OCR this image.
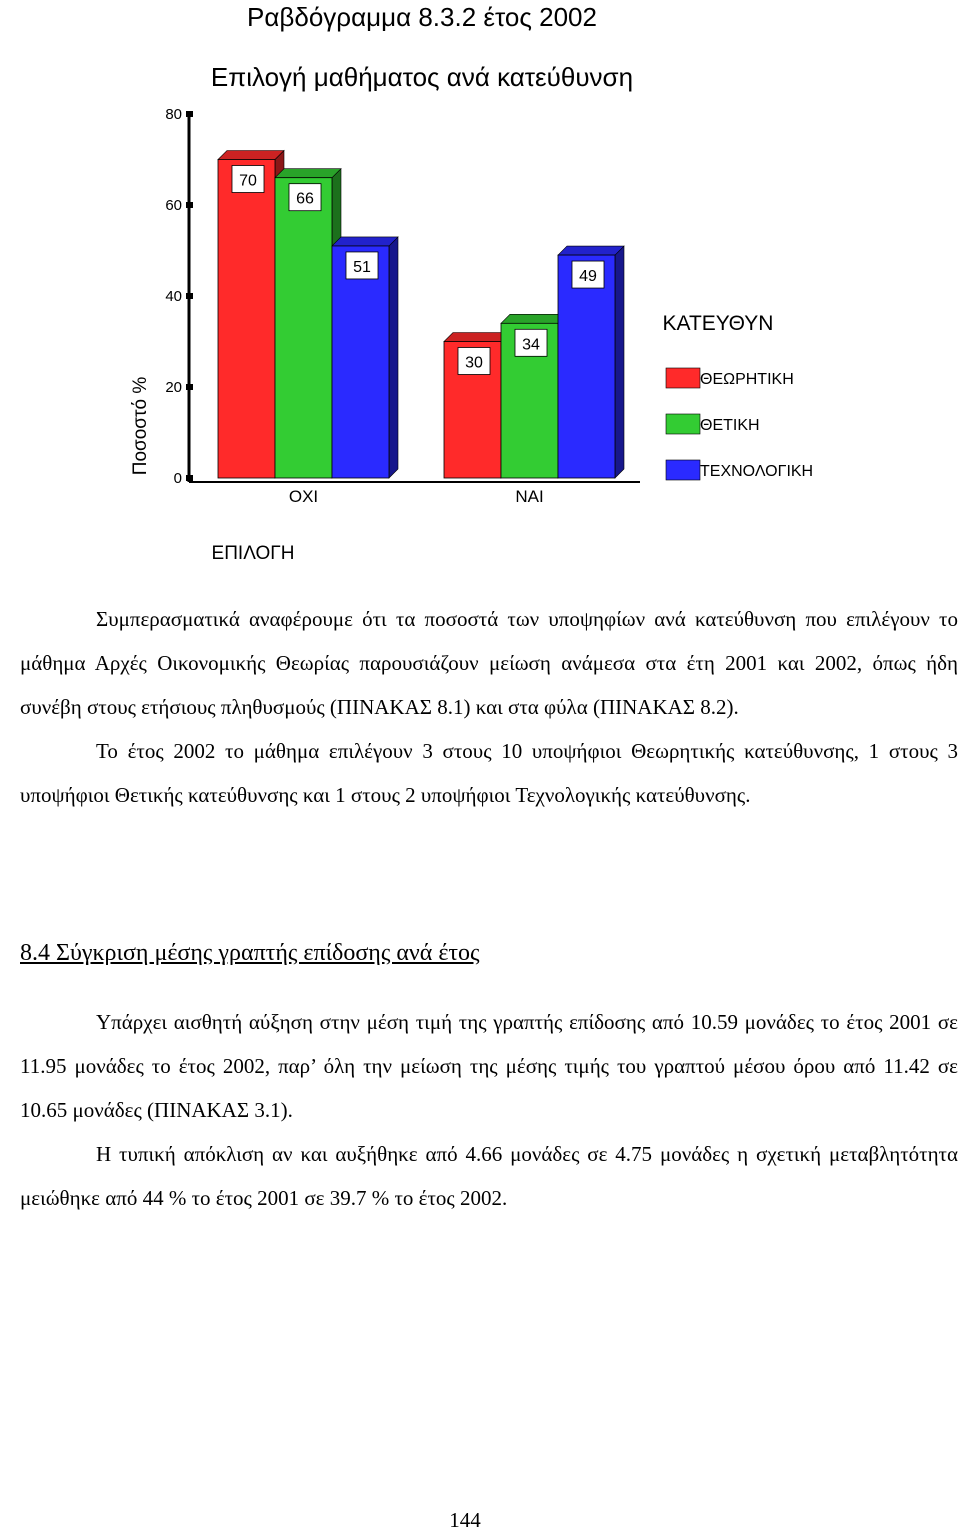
Ραβδόγραμμα 8.3.2 έτος 2002
Επιλογή μαθήματος ανά κατεύθυνση
0
20
40
60
80
70
66
51
30
34
49
ΟΧΙ	ΝΑΙ
Ποσοστό %
ΕΠΙΛΟΓΗ
ΚΑΤΕΥΘΥΝ
ΘΕΩΡΗΤΙΚΗ
ΘΕΤΙΚΗ
ΤΕΧΝΟΛΟΓΙΚΗ

Συμπερασματικά αναφέρουμε ότι τα ποσοστά των υποψηφίων ανά κατεύθυνση που επιλέγουν το μάθημα Αρχές Οικονομικής Θεωρίας παρουσιάζουν μείωση ανάμεσα στα έτη 2001 και 2002, όπως ήδη συνέβη στους ετήσιους πληθυσμούς (ΠΙΝΑΚΑΣ 8.1) και στα φύλα (ΠΙΝΑΚΑΣ 8.2).

Το έτος 2002 το μάθημα επιλέγουν 3 στους 10 υποψήφιοι Θεωρητικής κατεύθυνσης, 1 στους 3 υποψήφιοι Θετικής κατεύθυνσης και 1 στους 2 υποψήφιοι Τεχνολογικής κατεύθυνσης.

8.4 Σύγκριση μέσης γραπτής επίδοσης ανά έτος

Υπάρχει αισθητή αύξηση στην μέση τιμή της γραπτής επίδοσης από 10.59 μονάδες το έτος 2001 σε 11.95 μονάδες το έτος 2002, παρ’ όλη την μείωση της μέσης τιμής του γραπτού μέσου όρου από 11.42 σε 10.65 μονάδες (ΠΙΝΑΚΑΣ 3.1).

Η τυπική απόκλιση αν και αυξήθηκε από 4.66 μονάδες σε 4.75 μονάδες η σχετική μεταβλητότητα μειώθηκε από 44 % το έτος 2001 σε 39.7 % το έτος 2002.

144
